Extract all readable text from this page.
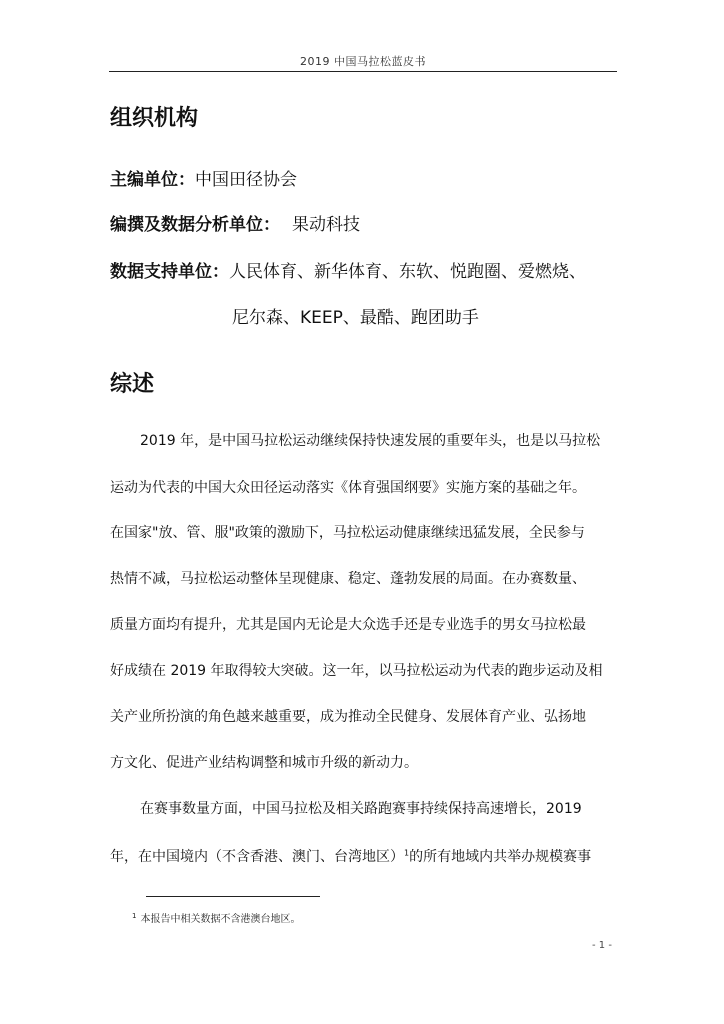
2019 中国马拉松蓝皮书
组织机构
主编单位：中国田径协会
编撰及数据分析单位： 果动科技
数据支持单位：人民体育、新华体育、东软、悦跑圈、爱燃烧、
尼尔森、KEEP、最酷、跑团助手
综述
2019 年，是中国马拉松运动继续保持快速发展的重要年头，也是以马拉松
运动为代表的中国大众田径运动落实《体育强国纲要》实施方案的基础之年。
在国家"放、管、服"政策的激励下，马拉松运动健康继续迅猛发展，全民参与
热情不减，马拉松运动整体呈现健康、稳定、蓬勃发展的局面。在办赛数量、
质量方面均有提升，尤其是国内无论是大众选手还是专业选手的男女马拉松最
好成绩在 2019 年取得较大突破。这一年，以马拉松运动为代表的跑步运动及相
关产业所扮演的角色越来越重要，成为推动全民健身、发展体育产业、弘扬地
方文化、促进产业结构调整和城市升级的新动力。
在赛事数量方面，中国马拉松及相关路跑赛事持续保持高速增长，2019
年，在中国境内（不含香港、澳门、台湾地区）$^1$的所有地域内共举办规模赛事
$^1$ 本报告中相关数据不含港澳台地区。
- 1 -
